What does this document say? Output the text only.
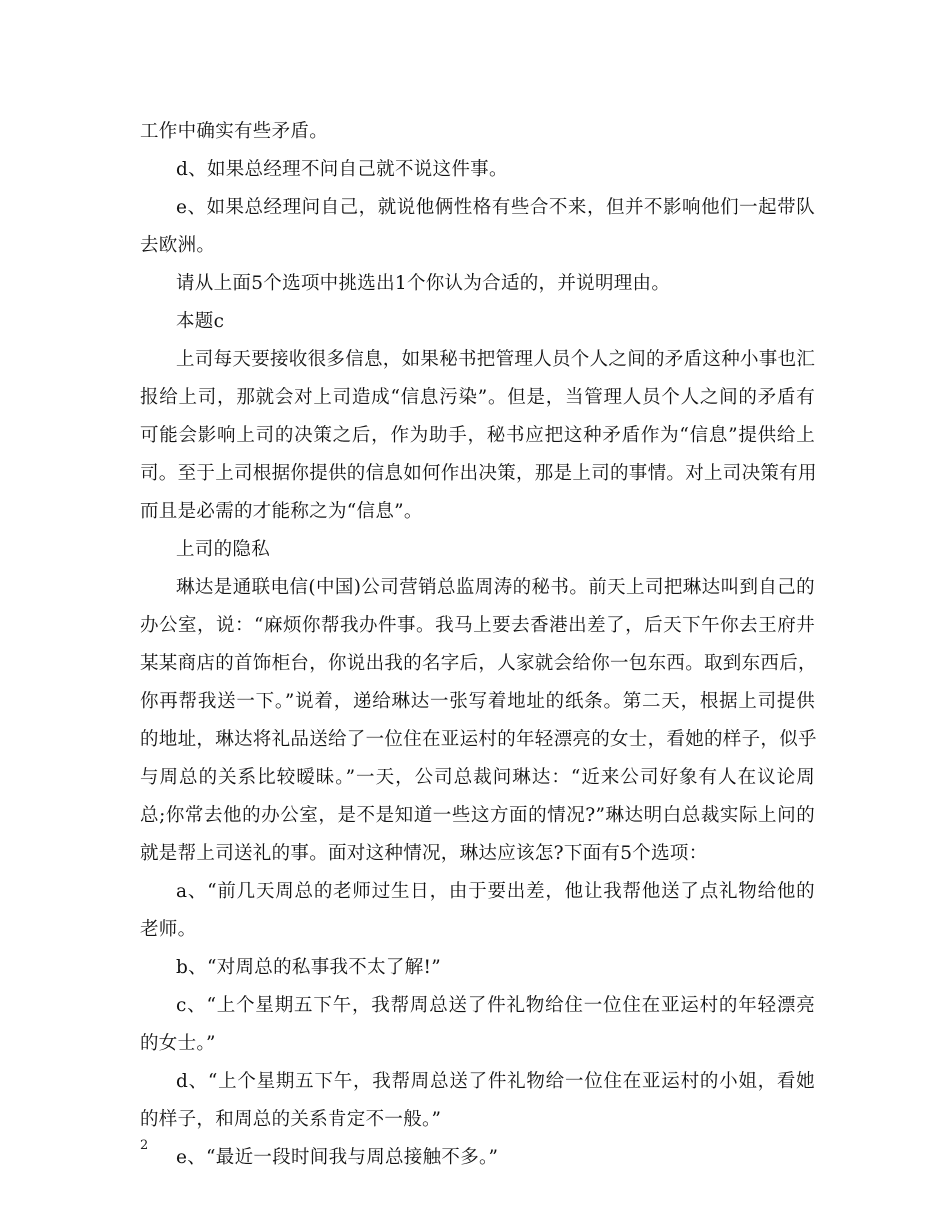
工作中确实有些矛盾。
d、如果总经理不问自己就不说这件事。
e、如果总经理问自己，就说他俩性格有些合不来，但并不影响他们一起带队
去欧洲。
请从上面5个选项中挑选出1个你认为合适的，并说明理由。
本题c
上司每天要接收很多信息，如果秘书把管理人员个人之间的矛盾这种小事也汇
报给上司，那就会对上司造成“信息污染”。但是，当管理人员个人之间的矛盾有
可能会影响上司的决策之后，作为助手，秘书应把这种矛盾作为“信息”提供给上
司。至于上司根据你提供的信息如何作出决策，那是上司的事情。对上司决策有用
而且是必需的才能称之为“信息”。
上司的隐私
琳达是通联电信(中国)公司营销总监周涛的秘书。前天上司把琳达叫到自己的
办公室，说：“麻烦你帮我办件事。我马上要去香港出差了，后天下午你去王府井
某某商店的首饰柜台，你说出我的名字后，人家就会给你一包东西。取到东西后，
你再帮我送一下。”说着，递给琳达一张写着地址的纸条。第二天，根据上司提供
的地址，琳达将礼品送给了一位住在亚运村的年轻漂亮的女士，看她的样子，似乎
与周总的关系比较暧昧。”一天，公司总裁问琳达：“近来公司好象有人在议论周
总;你常去他的办公室，是不是知道一些这方面的情况?”琳达明白总裁实际上问的
就是帮上司送礼的事。面对这种情况，琳达应该怎?下面有5个选项：
a、“前几天周总的老师过生日，由于要出差，他让我帮他送了点礼物给他的
老师。
b、“对周总的私事我不太了解!”
c、“上个星期五下午，我帮周总送了件礼物给住一位住在亚运村的年轻漂亮
的女士。”
d、“上个星期五下午，我帮周总送了件礼物给一位住在亚运村的小姐，看她
的样子，和周总的关系肯定不一般。”
e、“最近一段时间我与周总接触不多。”
2
